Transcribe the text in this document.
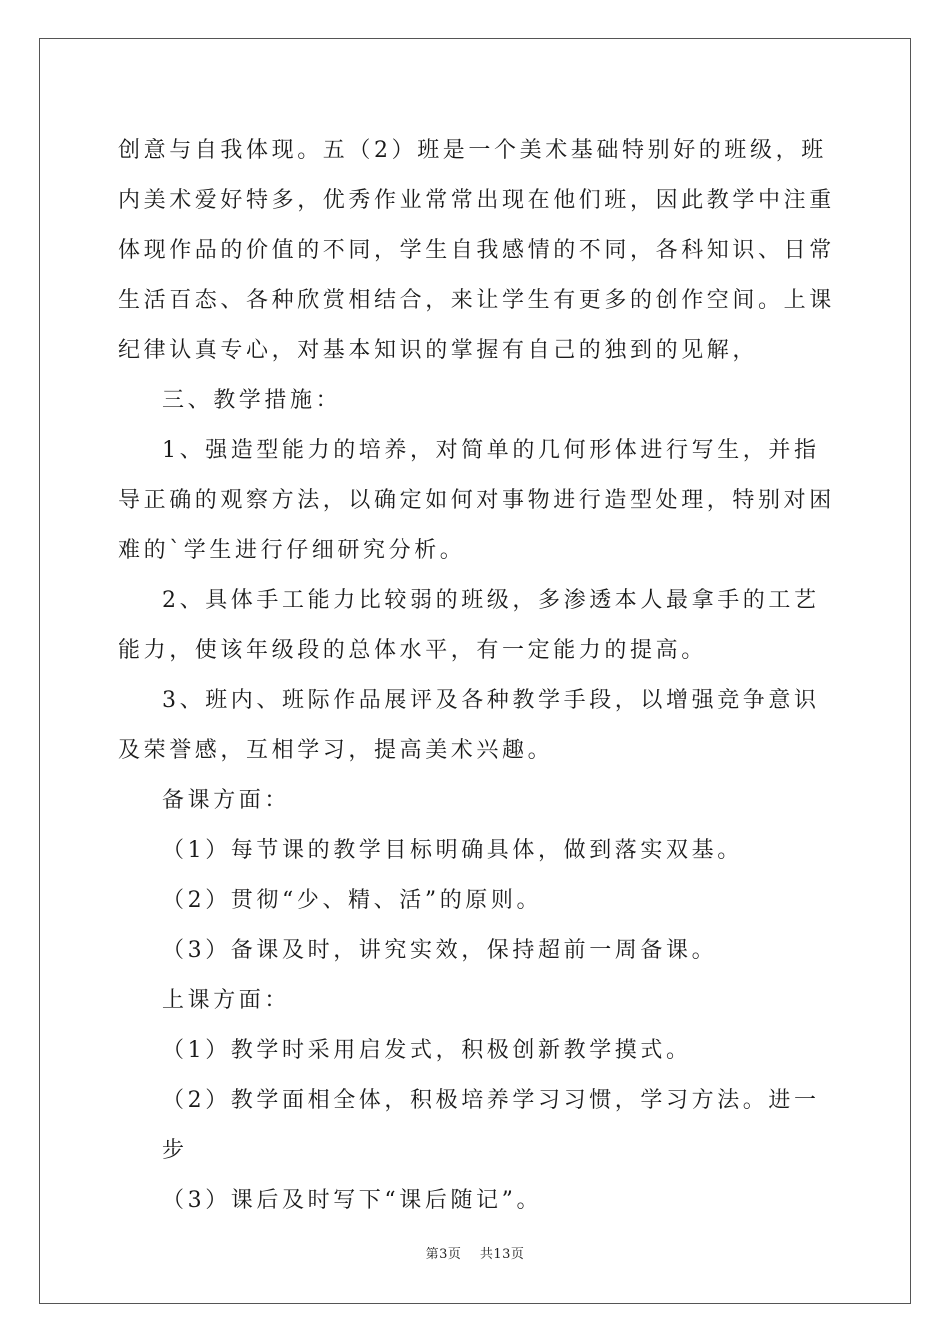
创意与自我体现。五（2）班是一个美术基础特别好的班级，班内美术爱好特多，优秀作业常常出现在他们班，因此教学中注重体现作品的价值的不同，学生自我感情的不同，各科知识、日常生活百态、各种欣赏相结合，来让学生有更多的创作空间。上课纪律认真专心，对基本知识的掌握有自己的独到的见解，

三、教学措施：

1、强造型能力的培养，对简单的几何形体进行写生，并指导正确的观察方法，以确定如何对事物进行造型处理，特别对困难的`学生进行仔细研究分析。

2、具体手工能力比较弱的班级，多渗透本人最拿手的工艺能力，使该年级段的总体水平，有一定能力的提高。

3、班内、班际作品展评及各种教学手段，以增强竞争意识及荣誉感，互相学习，提高美术兴趣。

备课方面：

（1）每节课的教学目标明确具体，做到落实双基。

（2）贯彻“少、精、活”的原则。

（3）备课及时，讲究实效，保持超前一周备课。

上课方面：

（1）教学时采用启发式，积极创新教学摸式。

（2）教学面相全体，积极培养学习习惯，学习方法。进一步

（3）课后及时写下“课后随记”。

第3页 共13页
